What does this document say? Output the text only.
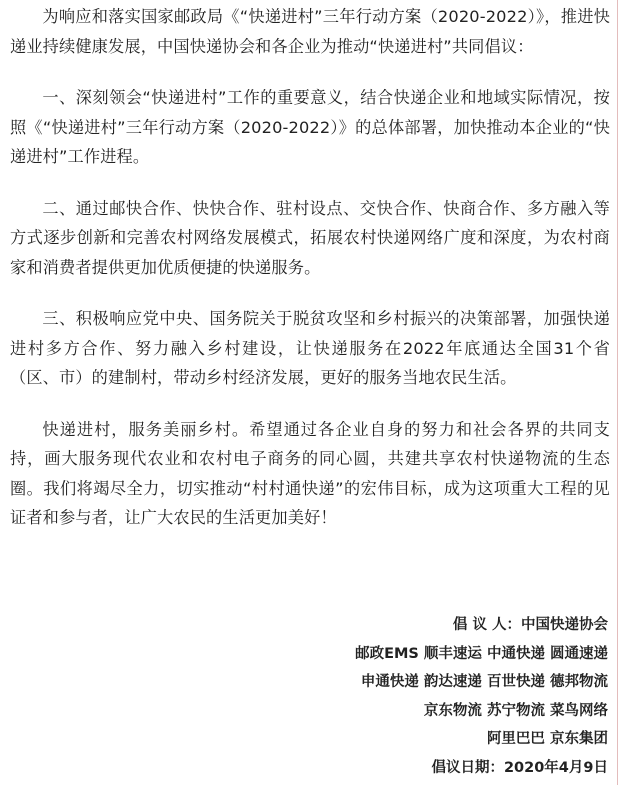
为响应和落实国家邮政局《“快递进村”三年行动方案（2020-2022）》，推进快递业持续健康发展，中国快递协会和各企业为推动“快递进村”共同倡议：

一、深刻领会“快递进村”工作的重要意义，结合快递企业和地域实际情况，按照《“快递进村”三年行动方案（2020-2022）》的总体部署，加快推动本企业的“快递进村”工作进程。

二、通过邮快合作、快快合作、驻村设点、交快合作、快商合作、多方融入等方式逐步创新和完善农村网络发展模式，拓展农村快递网络广度和深度，为农村商家和消费者提供更加优质便捷的快递服务。

三、积极响应党中央、国务院关于脱贫攻坚和乡村振兴的决策部署，加强快递进村多方合作、努力融入乡村建设，让快递服务在2022年底通达全国31个省（区、市）的建制村，带动乡村经济发展，更好的服务当地农民生活。

快递进村，服务美丽乡村。希望通过各企业自身的努力和社会各界的共同支持，画大服务现代农业和农村电子商务的同心圆，共建共享农村快递物流的生态圈。我们将竭尽全力，切实推动“村村通快递”的宏伟目标，成为这项重大工程的见证者和参与者，让广大农民的生活更加美好！

倡 议 人：中国快递协会
邮政EMS 顺丰速运 中通快递 圆通速递
申通快递 韵达速递 百世快递 德邦物流
京东物流 苏宁物流 菜鸟网络
阿里巴巴 京东集团
倡议日期：2020年4月9日
